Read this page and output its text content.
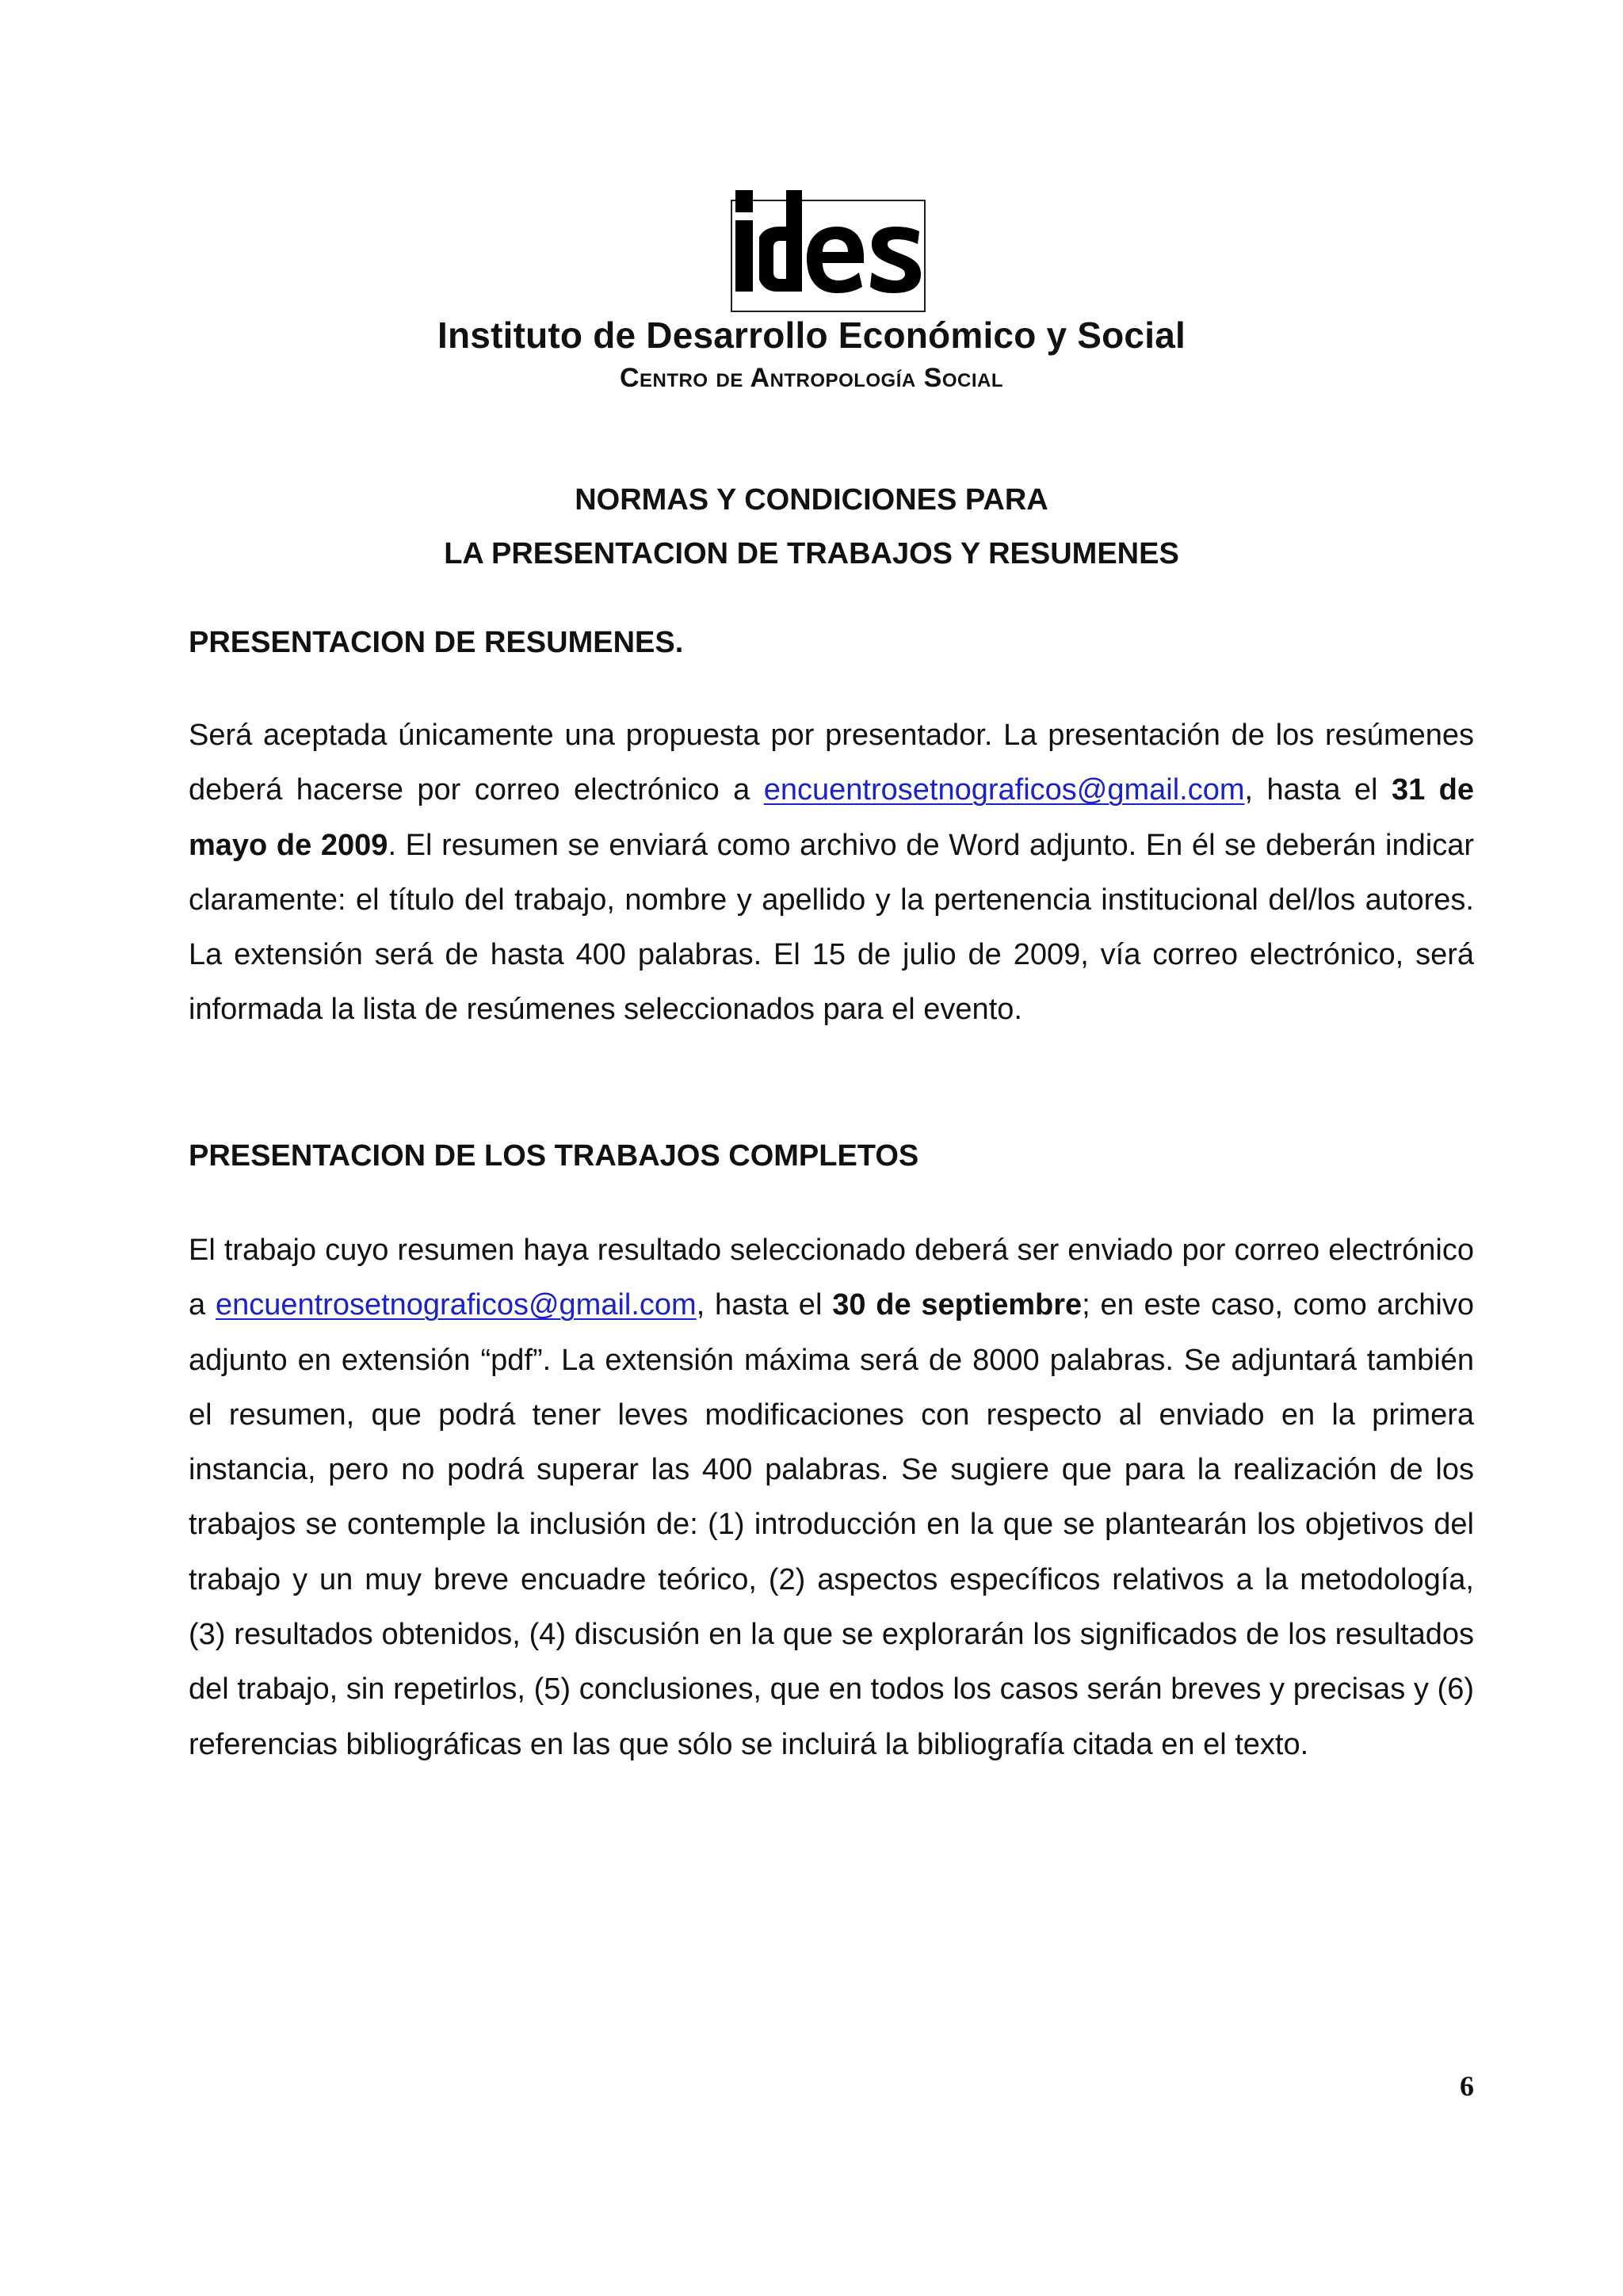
Instituto de Desarrollo Económico y Social
Centro de Antropología Social
NORMAS Y CONDICIONES PARA
LA PRESENTACION DE TRABAJOS Y RESUMENES
PRESENTACION DE RESUMENES.
Será aceptada únicamente una propuesta por presentador. La presentación de los resúmenes deberá hacerse por correo electrónico a encuentrosetnograficos@gmail.com, hasta el 31 de mayo de 2009. El resumen se enviará como archivo de Word adjunto. En él se deberán indicar claramente: el título del trabajo, nombre y apellido y la pertenencia institucional del/los autores. La extensión será de hasta 400 palabras. El 15 de julio de 2009, vía correo electrónico, será informada la lista de resúmenes seleccionados para el evento.
PRESENTACION DE LOS TRABAJOS COMPLETOS
El trabajo cuyo resumen haya resultado seleccionado deberá ser enviado por correo electrónico a encuentrosetnograficos@gmail.com, hasta el 30 de septiembre; en este caso, como archivo adjunto en extensión “pdf”. La extensión máxima será de 8000 palabras. Se adjuntará también el resumen, que podrá tener leves modificaciones con respecto al enviado en la primera instancia, pero no podrá superar las 400 palabras. Se sugiere que para la realización de los trabajos se contemple la inclusión de: (1) introducción en la que se plantearán los objetivos del trabajo y un muy breve encuadre teórico, (2) aspectos específicos relativos a la metodología, (3) resultados obtenidos, (4) discusión en la que se explorarán los significados de los resultados del trabajo, sin repetirlos, (5) conclusiones, que en todos los casos serán breves y precisas y (6) referencias bibliográficas en las que sólo se incluirá la bibliografía citada en el texto.
6
